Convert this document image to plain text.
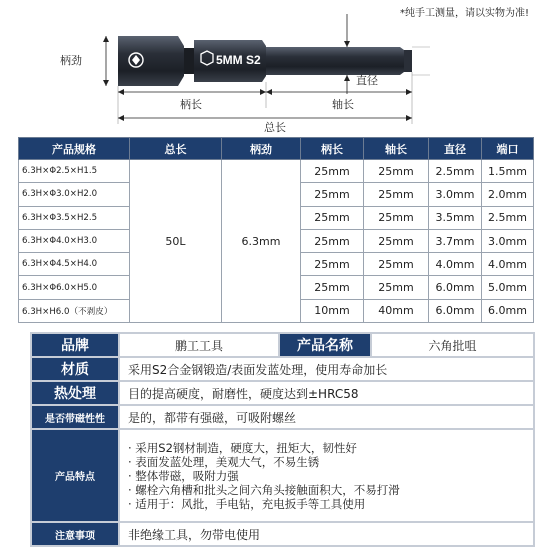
*纯手工测量，请以实物为准!
5MM S2
柄劲
直径
柄长	轴长
总长
产品规格	总长	柄劲	柄长	轴长	直径	端口
6.3H×Φ2.5×H1.5	50L	6.3mm	25mm	25mm	2.5mm	1.5mm
6.3H×Φ3.0×H2.0			25mm	25mm	3.0mm	2.0mm
6.3H×Φ3.5×H2.5			25mm	25mm	3.5mm	2.5mm
6.3H×Φ4.0×H3.0			25mm	25mm	3.7mm	3.0mm
6.3H×Φ4.5×H4.0			25mm	25mm	4.0mm	4.0mm
6.3H×Φ6.0×H5.0			25mm	25mm	6.0mm	5.0mm
6.3H×H6.0（不剥皮）			10mm	40mm	6.0mm	6.0mm
品牌	鹏工工具	产品名称	六角批咀
材质	采用S2合金钢锻造/表面发蓝处理，使用寿命加长		
热处理	目的提高硬度，耐磨性，硬度达到±HRC58		
是否带磁性性	是的，都带有强磁，可吸附螺丝		
产品特点	· 采用S2钢材制造，硬度大，扭矩大，韧性好
· 表面发蓝处理，美观大气，不易生锈
· 整体带磁，吸附力强
· 螺栓六角槽和批头之间六角头接触面积大，不易打滑
· 适用于：风批，手电钻，充电扳手等工具使用		

注意事项	非绝缘工具，勿带电使用		
